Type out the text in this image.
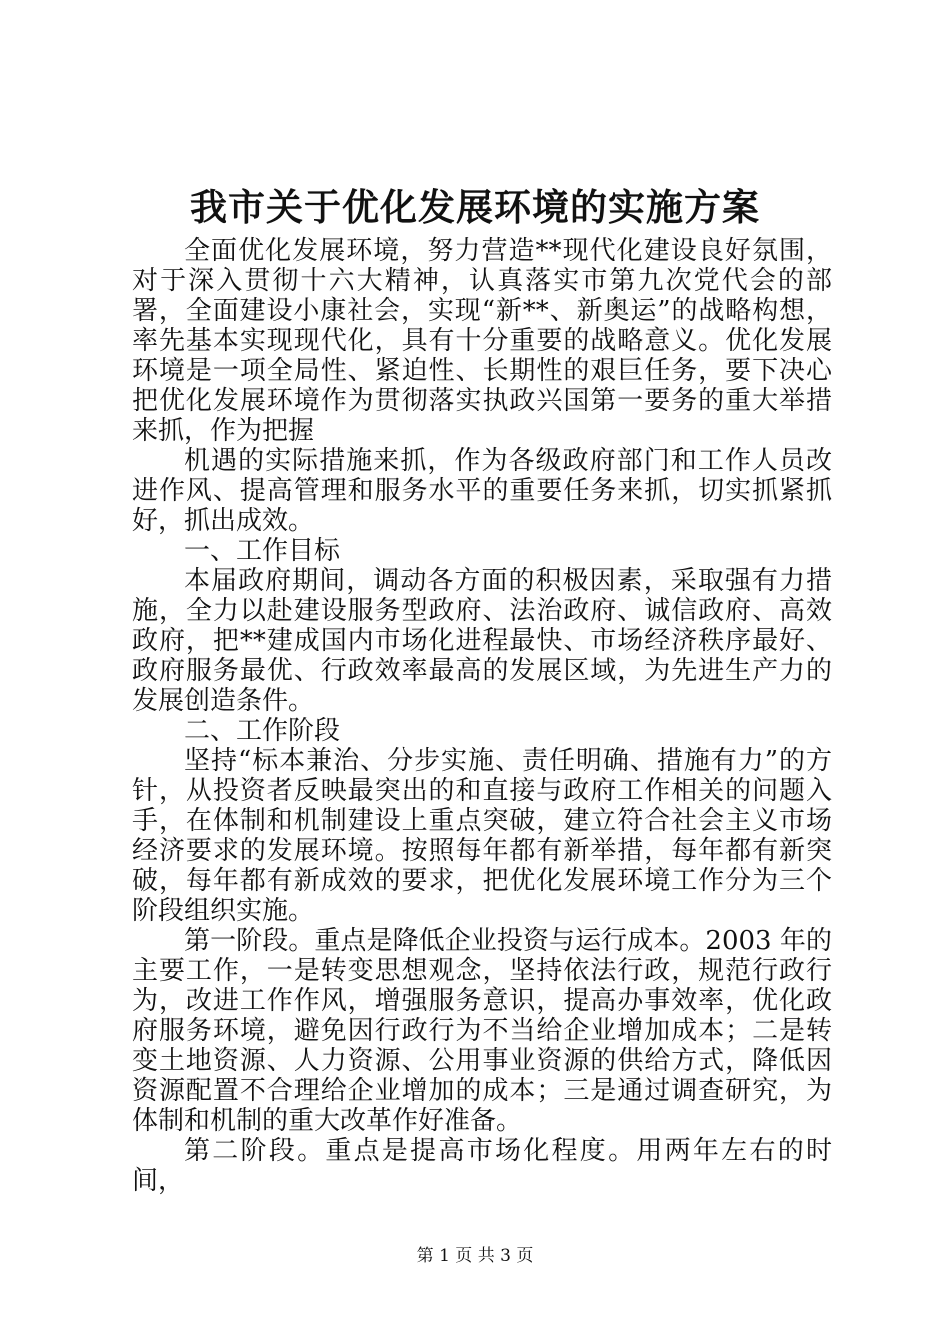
我市关于优化发展环境的实施方案

全面优化发展环境，努力营造**现代化建设良好氛围，对于深入贯彻十六大精神，认真落实市第九次党代会的部署，全面建设小康社会，实现“新**、新奥运”的战略构想，率先基本实现现代化，具有十分重要的战略意义。优化发展环境是一项全局性、紧迫性、长期性的艰巨任务，要下决心把优化发展环境作为贯彻落实执政兴国第一要务的重大举措来抓，作为把握

机遇的实际措施来抓，作为各级政府部门和工作人员改进作风、提高管理和服务水平的重要任务来抓，切实抓紧抓好，抓出成效。

一、工作目标

本届政府期间，调动各方面的积极因素，采取强有力措施，全力以赴建设服务型政府、法治政府、诚信政府、高效政府，把**建成国内市场化进程最快、市场经济秩序最好、政府服务最优、行政效率最高的发展区域，为先进生产力的发展创造条件。

二、工作阶段

坚持“标本兼治、分步实施、责任明确、措施有力”的方针，从投资者反映最突出的和直接与政府工作相关的问题入手，在体制和机制建设上重点突破，建立符合社会主义市场经济要求的发展环境。按照每年都有新举措，每年都有新突破，每年都有新成效的要求，把优化发展环境工作分为三个阶段组织实施。

第一阶段。重点是降低企业投资与运行成本。2003 年的主要工作，一是转变思想观念，坚持依法行政，规范行政行为，改进工作作风，增强服务意识，提高办事效率，优化政府服务环境，避免因行政行为不当给企业增加成本；二是转变土地资源、人力资源、公用事业资源的供给方式，降低因资源配置不合理给企业增加的成本；三是通过调查研究，为体制和机制的重大改革作好准备。

第二阶段。重点是提高市场化程度。用两年左右的时间，

第 1 页 共 3 页
